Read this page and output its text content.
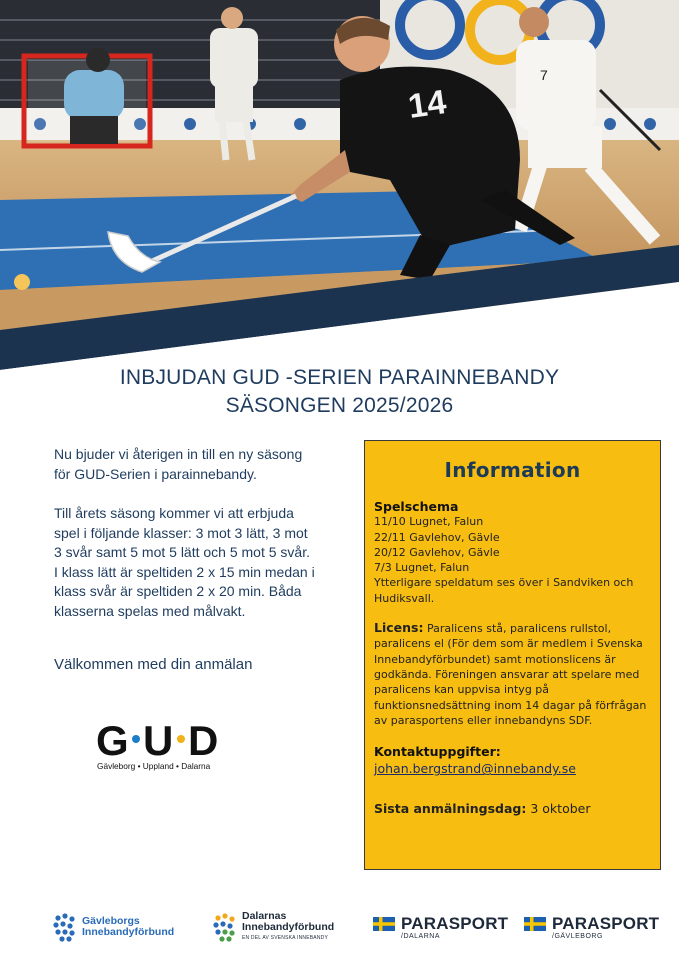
7
14
INBJUDAN GUD -SERIEN PARAINNEBANDY
SÄSONGEN 2025/2026

Nu bjuder vi återigen in till en ny säsong för GUD-Serien i parainnebandy.

Till årets säsong kommer vi att erbjuda spel i följande klasser: 3 mot 3 lätt, 3 mot 3 svår samt 5 mot 5 lätt och 5 mot 5 svår. I klass lätt är speltiden 2 x 15 min medan i klass svår är speltiden 2 x 20 min. Båda klasserna spelas med målvakt.

Välkommen med din anmälan
G U D
Gävleborg • Uppland • Dalarna
Information
Spelschema
11/10 Lugnet, Falun
22/11 Gavlehov, Gävle
20/12 Gavlehov, Gävle
7/3 Lugnet, Falun
Ytterligare speldatum ses över i Sandviken och Hudiksvall.
Licens: Paralicens stå, paralicens rullstol, paralicens el (För dem som är medlem i Svenska Innebandyförbundet) samt motionslicens är godkända. Föreningen ansvarar att spelare med paralicens kan uppvisa intyg på funktionsnedsättning inom 14 dagar på förfrågan av parasportens eller innebandyns SDF.
Kontaktuppgifter:
johan.bergstrand@innebandy.se
Sista anmälningsdag: 3 oktober
Gävleborgs
Innebandyförbund
Dalarnas
Innebandyförbund
EN DEL AV SVENSKA INNEBANDY
PARASPORT
/DALARNA
PARASPORT
/GÄVLEBORG
